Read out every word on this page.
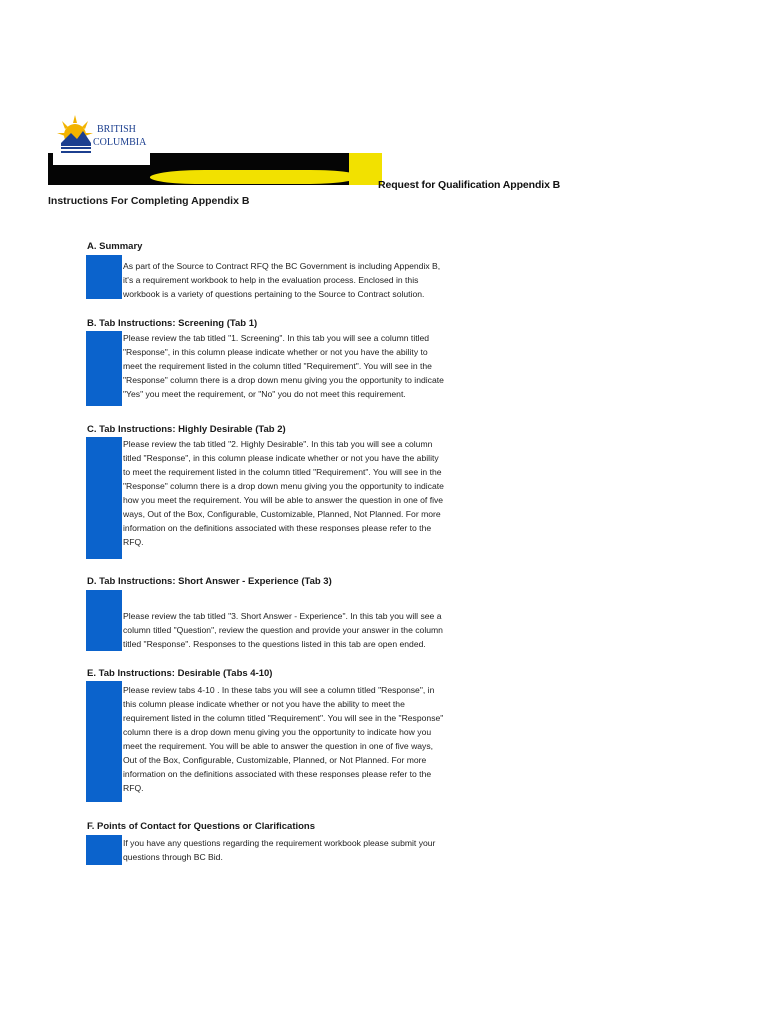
BRITISH
COLUMBIA
Request for Qualification Appendix B
Instructions For Completing Appendix B
A. Summary
As part of the Source to Contract RFQ the BC Government is including Appendix B, it's a requirement workbook to help in the evaluation process. Enclosed in this workbook is a variety of questions pertaining to the Source to Contract solution.
B. Tab Instructions: Screening (Tab 1)
Please review the tab titled "1. Screening". In this tab you will see a column titled "Response", in this column please indicate whether or not you have the ability to meet the requirement listed in the column titled "Requirement". You will see in the "Response" column there is a drop down menu giving you the opportunity to indicate "Yes" you meet the requirement, or "No" you do not meet this requirement.
C. Tab Instructions: Highly Desirable (Tab 2)
Please review the tab titled "2. Highly Desirable". In this tab you will see a column titled "Response", in this column please indicate whether or not you have the ability to meet the requirement listed in the column titled "Requirement". You will see in the "Response" column there is a drop down menu giving you the opportunity to indicate how you meet the requirement. You will be able to answer the question in one of five ways, Out of the Box, Configurable, Customizable, Planned, Not Planned. For more information on the definitions associated with these responses please refer to the RFQ.
D. Tab Instructions: Short Answer - Experience (Tab 3)
Please review the tab titled "3. Short Answer - Experience". In this tab you will see a column titled "Question", review the question and provide your answer in the column titled "Response". Responses to the questions listed in this tab are open ended.
E. Tab Instructions: Desirable (Tabs 4-10)
Please review tabs 4-10 . In these tabs you will see a column titled "Response", in this column please indicate whether or not you have the ability to meet the requirement listed in the column titled "Requirement". You will see in the "Response" column there is a drop down menu giving you the opportunity to indicate how you meet the requirement. You will be able to answer the question in one of five ways, Out of the Box, Configurable, Customizable, Planned, or Not Planned. For more information on the definitions associated with these responses please refer to the RFQ.
F. Points of Contact for Questions or Clarifications
If you have any questions regarding the requirement workbook please submit your questions through BC Bid.
